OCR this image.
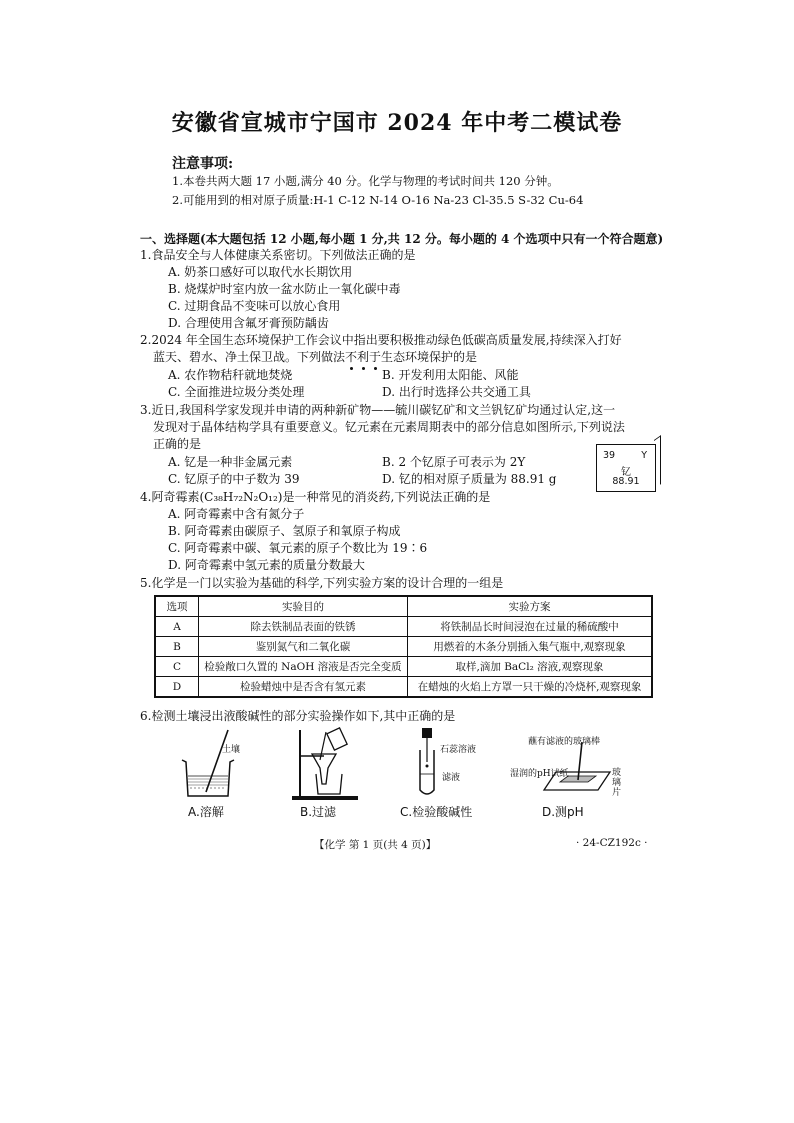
安徽省宣城市宁国市 2024 年中考二模试卷
注意事项:
1.本卷共两大题 17 小题,满分 40 分。化学与物理的考试时间共 120 分钟。
2.可能用到的相对原子质量:H-1 C-12 N-14 O-16 Na-23 Cl-35.5 S-32 Cu-64
一、选择题(本大题包括 12 小题,每小题 1 分,共 12 分。每小题的 4 个选项中只有一个符合题意)
1.食品安全与人体健康关系密切。下列做法正确的是
A. 奶茶口感好可以取代水长期饮用
B. 烧煤炉时室内放一盆水防止一氧化碳中毒
C. 过期食品不变味可以放心食用
D. 合理使用含氟牙膏预防龋齿
2.2024 年全国生态环境保护工作会议中指出要积极推动绿色低碳高质量发展,持续深入打好
蓝天、碧水、净土保卫战。下列做法不利于生态环境保护的是
A. 农作物秸秆就地焚烧	B. 开发利用太阳能、风能
C. 全面推进垃圾分类处理	D. 出行时选择公共交通工具
3.近日,我国科学家发现并申请的两种新矿物——毓川碳钇矿和文兰钒钇矿均通过认定,这一
发现对于晶体结构学具有重要意义。钇元素在元素周期表中的部分信息如图所示,下列说法
正确的是
A. 钇是一种非金属元素	B. 2 个钇原子可表示为 2Y
C. 钇原子的中子数为 39	D. 钇的相对原子质量为 88.91 g
39	Y
钇
88.91
4.阿奇霉素(C₃₈H₇₂N₂O₁₂)是一种常见的消炎药,下列说法正确的是
A. 阿奇霉素中含有氮分子
B. 阿奇霉素由碳原子、氢原子和氧原子构成
C. 阿奇霉素中碳、氧元素的原子个数比为 19∶6
D. 阿奇霉素中氢元素的质量分数最大
5.化学是一门以实验为基础的科学,下列实验方案的设计合理的一组是
选项	实验目的	实验方案
A	除去铁制品表面的铁锈	将铁制品长时间浸泡在过量的稀硫酸中
B	鉴别氮气和二氧化碳	用燃着的木条分别插入集气瓶中,观察现象
C	检验敞口久置的 NaOH 溶液是否完全变质	取样,滴加 BaCl₂ 溶液,观察现象
D	检验蜡烛中是否含有氢元素	在蜡烛的火焰上方罩一只干燥的冷烧杯,观察现象
6.检测土壤浸出液酸碱性的部分实验操作如下,其中正确的是
土壤	石蕊溶液
滤液
蘸有滤液的玻璃棒
湿润的pH试纸	玻璃片
A.溶解	B.过滤	C.检验酸碱性	D.测pH
【化学 第 1 页(共 4 页)】	· 24-CZ192c ·
